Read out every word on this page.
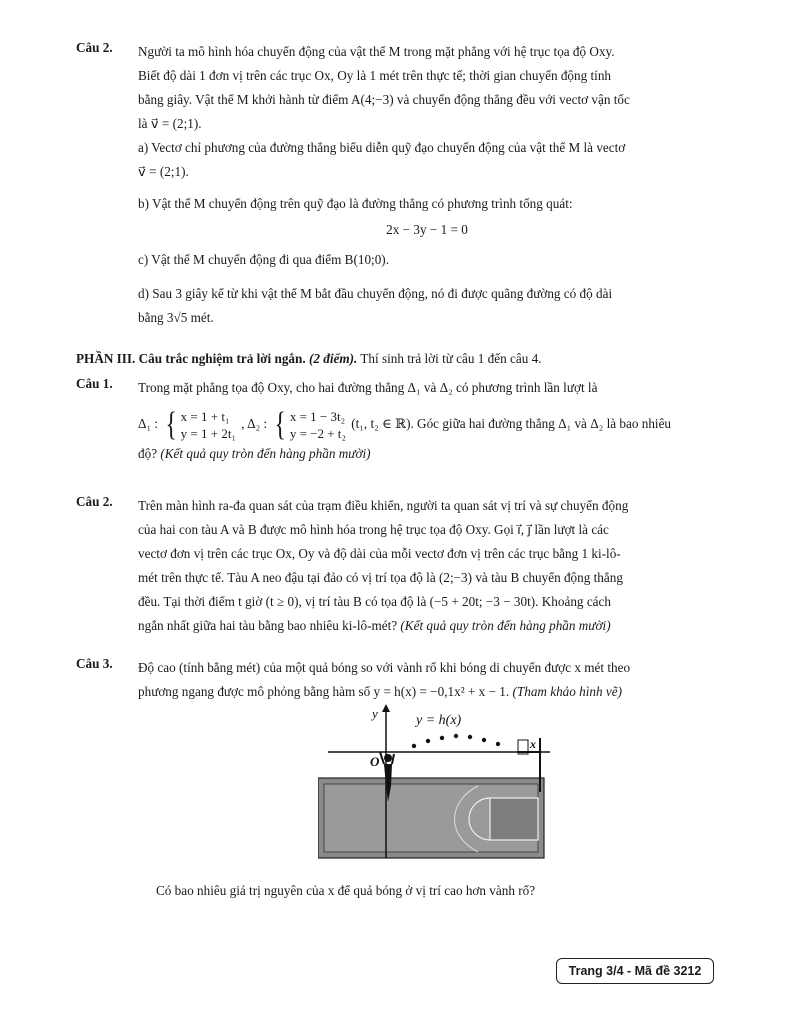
Câu 2. Người ta mô hình hóa chuyển động của vật thể M trong mặt phẳng với hệ trục tọa độ Oxy.
Biết độ dài 1 đơn vị trên các trục Ox, Oy là 1 mét trên thực tế; thời gian chuyển động tính
bằng giây. Vật thể M khởi hành từ điểm A(4;−3) và chuyển động thẳng đều với vectơ vận tốc
là v⃗ = (2;1).
a) Vectơ chỉ phương của đường thẳng biểu diễn quỹ đạo chuyển động của vật thể M là vectơ
v⃗ = (2;1).
b) Vật thể M chuyển động trên quỹ đạo là đường thẳng có phương trình tổng quát:
2x − 3y − 1 = 0
c) Vật thể M chuyển động đi qua điểm B(10;0).
d) Sau 3 giây kể từ khi vật thể M bắt đầu chuyển động, nó đi được quãng đường có độ dài
bằng 3√5 mét.
PHẦN III. Câu trắc nghiệm trả lời ngắn. (2 điểm). Thí sinh trả lời từ câu 1 đến câu 4.
Câu 1. Trong mặt phẳng tọa độ Oxy, cho hai đường thẳng Δ₁ và Δ₂ có phương trình lần lượt là
Δ₁ : { x = 1 + t₁
y = 1 + 2t₁
, Δ₂ : { x = 1 − 3t₂
y = −2 + t₂
(t₁, t₂ ∈ ℝ). Góc giữa hai đường thẳng Δ₁ và Δ₂ là bao nhiêu
độ? (Kết quả quy tròn đến hàng phần mười)
Câu 2. Trên màn hình ra-đa quan sát của trạm điều khiển, người ta quan sát vị trí và sự chuyển động
của hai con tàu A và B được mô hình hóa trong hệ trục tọa độ Oxy. Gọi i⃗, j⃗ lần lượt là các
vectơ đơn vị trên các trục Ox, Oy và độ dài của mỗi vectơ đơn vị trên các trục bằng 1 ki-lô-
mét trên thực tế. Tàu A neo đậu tại đảo có vị trí tọa độ là (2;−3) và tàu B chuyển động thẳng
đều. Tại thời điểm t giờ (t ≥ 0), vị trí tàu B có tọa độ là (−5 + 20t; −3 − 30t). Khoảng cách
ngắn nhất giữa hai tàu bằng bao nhiêu ki-lô-mét? (Kết quả quy tròn đến hàng phần mười)
Câu 3. Độ cao (tính bằng mét) của một quả bóng so với vành rổ khi bóng di chuyển được x mét theo
phương ngang được mô phỏng bằng hàm số y = h(x) = −0,1x² + x − 1. (Tham khảo hình vẽ)
y
O
y = h(x)
x
Có bao nhiêu giá trị nguyên của x để quả bóng ở vị trí cao hơn vành rổ?
Trang 3/4 - Mã đề 3212
